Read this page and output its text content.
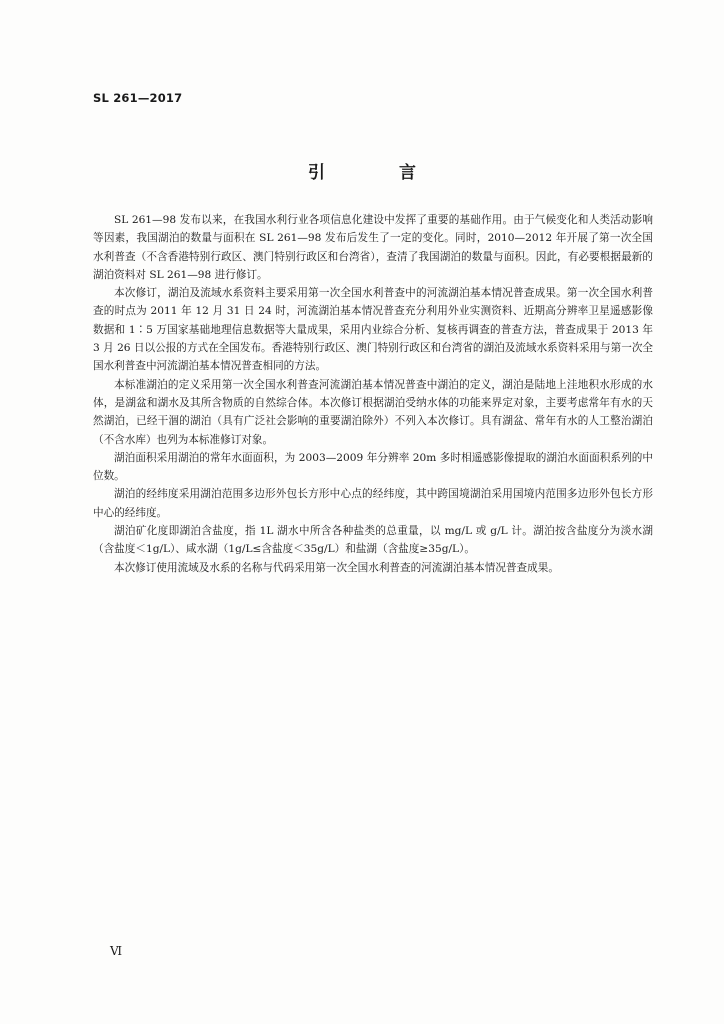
SL 261—2017
引 言

SL 261—98 发布以来，在我国水利行业各项信息化建设中发挥了重要的基础作用。由于气候变化和人类活动影响等因素，我国湖泊的数量与面积在 SL 261—98 发布后发生了一定的变化。同时，2010—2012 年开展了第一次全国水利普查（不含香港特别行政区、澳门特别行政区和台湾省），查清了我国湖泊的数量与面积。因此，有必要根据最新的湖泊资料对 SL 261—98 进行修订。

本次修订，湖泊及流域水系资料主要采用第一次全国水利普查中的河流湖泊基本情况普查成果。第一次全国水利普查的时点为 2011 年 12 月 31 日 24 时，河流湖泊基本情况普查充分利用外业实测资料、近期高分辨率卫星遥感影像数据和 1∶5 万国家基础地理信息数据等大量成果，采用内业综合分析、复核再调查的普查方法，普查成果于 2013 年 3 月 26 日以公报的方式在全国发布。香港特别行政区、澳门特别行政区和台湾省的湖泊及流域水系资料采用与第一次全国水利普查中河流湖泊基本情况普查相同的方法。

本标准湖泊的定义采用第一次全国水利普查河流湖泊基本情况普查中湖泊的定义，湖泊是陆地上洼地积水形成的水体，是湖盆和湖水及其所含物质的自然综合体。本次修订根据湖泊受纳水体的功能来界定对象，主要考虑常年有水的天然湖泊，已经干涸的湖泊（具有广泛社会影响的重要湖泊除外）不列入本次修订。具有湖盆、常年有水的人工整治湖泊（不含水库）也列为本标准修订对象。

湖泊面积采用湖泊的常年水面面积，为 2003—2009 年分辨率 20m 多时相遥感影像提取的湖泊水面面积系列的中位数。

湖泊的经纬度采用湖泊范围多边形外包长方形中心点的经纬度，其中跨国境湖泊采用国境内范围多边形外包长方形中心的经纬度。

湖泊矿化度即湖泊含盐度，指 1L 湖水中所含各种盐类的总重量，以 mg/L 或 g/L 计。湖泊按含盐度分为淡水湖（含盐度＜1g/L）、咸水湖（1g/L≤含盐度＜35g/L）和盐湖（含盐度≥35g/L）。

本次修订使用流域及水系的名称与代码采用第一次全国水利普查的河流湖泊基本情况普查成果。

Ⅵ
